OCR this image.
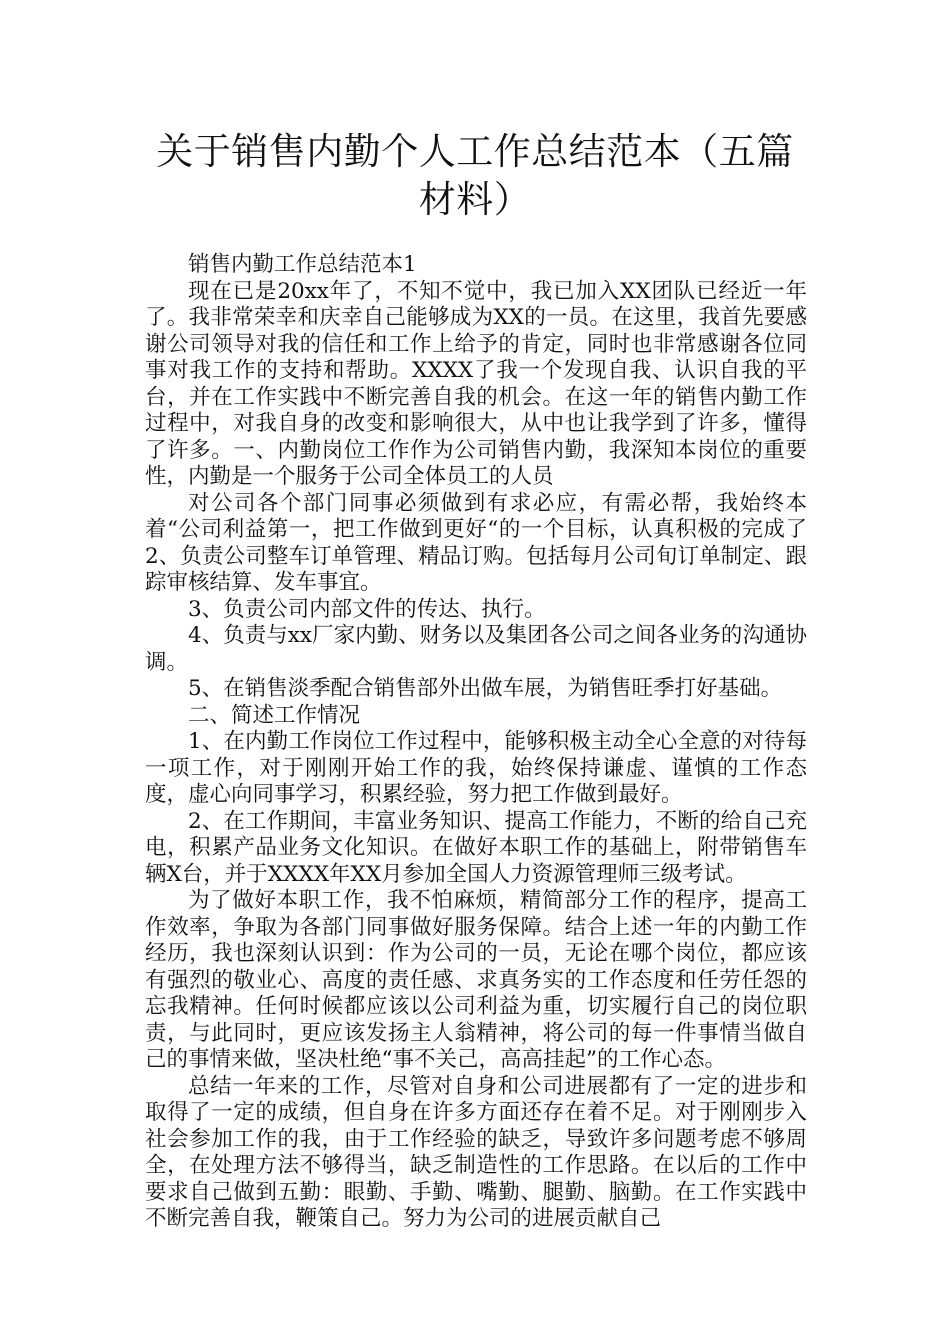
关于销售内勤个人工作总结范本（五篇材料）

销售内勤工作总结范本1

现在已是20xx年了，不知不觉中，我已加入XX团队已经近一年了。我非常荣幸和庆幸自己能够成为XX的一员。在这里，我首先要感谢公司领导对我的信任和工作上给予的肯定，同时也非常感谢各位同事对我工作的支持和帮助。XXXX了我一个发现自我、认识自我的平台，并在工作实践中不断完善自我的机会。在这一年的销售内勤工作过程中，对我自身的改变和影响很大，从中也让我学到了许多，懂得了许多。一、内勤岗位工作作为公司销售内勤，我深知本岗位的重要性，内勤是一个服务于公司全体员工的人员

对公司各个部门同事必须做到有求必应，有需必帮，我始终本着“公司利益第一，把工作做到更好“的一个目标，认真积极的完成了2、负责公司整车订单管理、精品订购。包括每月公司旬订单制定、跟踪审核结算、发车事宜。

3、负责公司内部文件的传达、执行。

4、负责与xx厂家内勤、财务以及集团各公司之间各业务的沟通协调。

5、在销售淡季配合销售部外出做车展，为销售旺季打好基础。

二、简述工作情况

1、在内勤工作岗位工作过程中，能够积极主动全心全意的对待每一项工作，对于刚刚开始工作的我，始终保持谦虚、谨慎的工作态度，虚心向同事学习，积累经验，努力把工作做到最好。

2、在工作期间，丰富业务知识、提高工作能力，不断的给自己充电，积累产品业务文化知识。在做好本职工作的基础上，附带销售车辆X台，并于XXXX年XX月参加全国人力资源管理师三级考试。

为了做好本职工作，我不怕麻烦，精简部分工作的程序，提高工作效率，争取为各部门同事做好服务保障。结合上述一年的内勤工作经历，我也深刻认识到：作为公司的一员，无论在哪个岗位，都应该有强烈的敬业心、高度的责任感、求真务实的工作态度和任劳任怨的忘我精神。任何时候都应该以公司利益为重，切实履行自己的岗位职责，与此同时，更应该发扬主人翁精神，将公司的每一件事情当做自己的事情来做，坚决杜绝“事不关己，高高挂起”的工作心态。

总结一年来的工作，尽管对自身和公司进展都有了一定的进步和取得了一定的成绩，但自身在许多方面还存在着不足。对于刚刚步入社会参加工作的我，由于工作经验的缺乏，导致许多问题考虑不够周全，在处理方法不够得当，缺乏制造性的工作思路。在以后的工作中要求自己做到五勤：眼勤、手勤、嘴勤、腿勤、脑勤。在工作实践中不断完善自我，鞭策自己。努力为公司的进展贡献自己
